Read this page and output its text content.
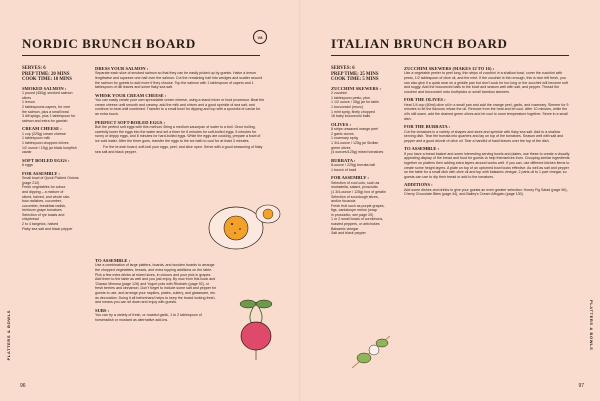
NORDIC BRUNCH BOARD	V8
SERVES: 6
PREP TIME: 20 MINS
COOK TIME: 10 MINS
SMOKED SALMON :
1 pound (450g) smoked salmon
slices
1 lemon
2 tablespoons capers, for over
the salmon, plus a small bowl
3 dill sprigs, plus 1 tablespoon for
salmon and extra for garnish
CREAM CHEESE :
1 cup (225g) cream cheese
1 tablespoon milk
1 tablespoon chopped chives
1/2 ounce / 15g) jar black lumpfish
caviar
SOFT BOILED EGGS :
6 eggs
FOR ASSEMBLY :
Small bowl of Quick Pickled Onions
(page 212)
Fresh vegetables for colour
and dipping – a mixture of
sliced, halved, and whole rain-
bow radishes, cucumber,
cucumber, breakfast radish,
heirloom grape tomatoes
Selection of rye toasts and
crispbread
2 to 4 tangelos, halved
Flaky sea salt and black pepper
DRESS YOUR SALMON :

Separate each slice of smoked salmon so that they can be easily picked up by guests. Halve a lemon lengthwise and squeeze one half over the salmon. Cut the remaining half into wedges and scatter around the salmon for guests to add more if they choose. Top the salmon with 1 tablespoon of capers and 1 tablespoon of dill leaves and some flaky sea salt.

WHISK YOUR CREAM CHEESE :

You can easily create your own spreadable cream cheese, using a stand mixer or food processor. Beat the cream cheese until smooth and creamy, add the milk and chives and a good sprinkle of sea salt, and continue to beat until combined. Transfer to a small bowl for dipping and top with a spoonful of caviar for an extra touch.

PERFECT SOFT-BOILED EGGS :

Boil the perfect soft eggs with this method: Bring a medium saucepan of water to a boil. Once boiling, carefully lower the eggs into the water and set a timer for 6 minutes for soft-boiled eggs, 5 minutes for runny or drippy eggs, and 8 minutes for hard-boiled eggs. While the eggs are cooking, prepare a bowl of ice cold water. After the timer goes, transfer the eggs to the ice bath to cool for at least 3 minutes.

For the brunch board, soft-boil your eggs, peel, and slice open. Serve with a good seasoning of flaky sea salt and black pepper.

TO ASSEMBLE :

Use a combination of large platters, boards, and wooden boards to arrange the chopped vegetables, breads, and extra topping additions on the table. Pick a few extra drinks at mixed sizes, in colours and your pick in grapes. Add them to the table as well and you just enjoy. By now from this book and 'Classic Mimosa (page 126) and Yogurt pots with Rhubarb (page 92), or fresh berries and cinnamon. Don't forget to include some salt and pepper for guests to use, and arrange your napkins, plates, cutlery, and glassware, etc. as decoration. Doing it all beforehand helps to keep the board looking fresh, and means you can sit down and enjoy with guests.

SUBS :

You can try a variety of fresh, or roasted garlic, 1 to 2 tablespoon of horseradish or mustard as alternative add-ins.

PLATTERS & BOWLS
96
ITALIAN BRUNCH BOARD
SERVES: 6
PREP TIME: 25 MINS
COOK TIME: 5 MINS
ZUCCHINI SKEWERS :
2 zucchini
1 tablespoon pesto, plus
1 1/2 ounce / 35g) jar for table
1 bocconcini (mozz)
1 mint sprig, finely chopped
16 baby bocconcini balls
OLIVES :
8 strips unwaxed orange peel
2 garlic cloves
1 rosemary sprig
1 3/4-ounce / 125g jar Sicilian
green olives
(4 ounces/125g) mixed tomatoes
BURRATA :
8-ounce / 225g) burrata ball
1 bunch of basil
FOR ASSEMBLY :
Selection of cool cuts, such as
mortadella, salami, prosciutto
(1 3/4-ounce / 125g) box of gelatin
Selection of sourdough slices,
and/or focaccia
Fresh fruit such as purple grapes,
figs, cantaloupe melon (wrap
in prosciutto, see page 20)
1 or 2 small bowls of cornichons,
roasted peppers, or artichokes
Balsamic vinegar
Salt and black pepper
ZUCCHINI SKEWERS (MAKES 12 TO 16) :

Use a vegetable peeler to peel long, thin strips of zucchini in a shallow bowl, cover the zucchini with pesto, 1/2 tablespoon of olive oil, and the mint. If the zucchini is thin enough, this is nice left fresh, you can also give it a quick sear on a griddle pan but don't cook for too long or the zucchini will become soft and soggy. Add the bocconcini balls to the bowl and season well with salt, and pepper. Thread the zucchini and bocconcini onto toothpicks or small bamboo skewers.

FOR THE OLIVES :

Heat 1/4 cup (60ml) olive oil in a small pan and add the orange peel, garlic, and rosemary. Simmer for 5 minutes to let the flavours infuse the oil. Remove from the heat and let cool. After 10 minutes, while the oil's still warm, add the drained green olives and let cool to room temperature together. Serve in a small dish.

FOR THE BURRATA :

Cut the tomatoes in a variety of shapes and sizes and sprinkle with flaky sea salt. Add to a shallow serving dish. Tear the burrata into quarters and lay on top of the tomatoes. Season well with salt and pepper and a good drizzle of olive oil. Tear a handful of basil leaves over the top of the dish.

TO ASSEMBLE :

If you have a bread basket and some interesting serving bowls and plates, use these to create a visually appealing display of the bread and food for guests to help themselves from. Grouping similar ingredients together on platters then adding extra layers around works well. If you can, use different kitchen items to create some height layers. A plate on top of an upturned bowl looks effective. As well as salt and pepper on the table for a small dish with olive oil and top with balsamic vinegar, 2 parts oil to 1 part vinegar, so guests can use to dip their bread or add to the tomatoes.

ADDITIONS :

Add some dishes and drinks to give your guests an even greater selection: Honey Fig Salad (page 56), Cherry Chocolate Bites (page 44), and Bailey's Cream Affogato (page 130).

PLATTERS & BOWLS
97
